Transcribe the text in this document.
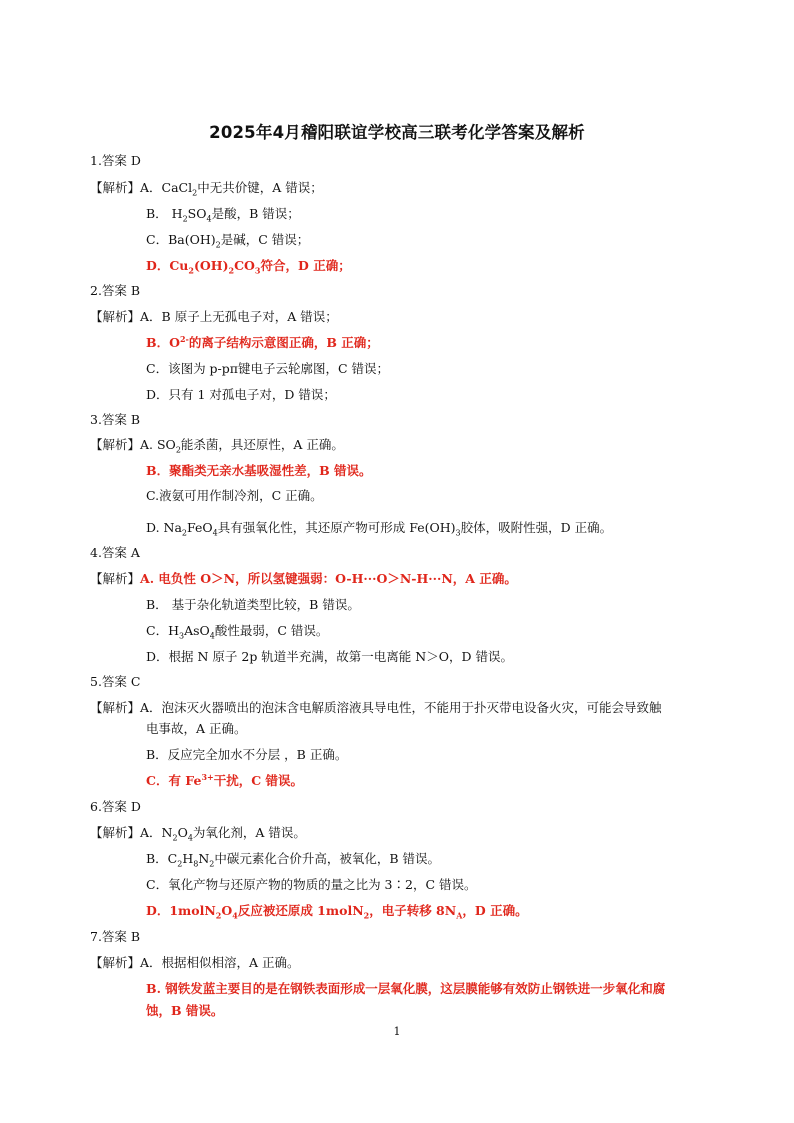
2025年4月稽阳联谊学校高三联考化学答案及解析
1.答案 D
【解析】A．CaCl$_2$中无共价键，A 错误；
B． $H_2SO_4$是酸，B 错误；
C．$Ba(OH)_2$是碱，C 错误；
D．$Cu_2(OH)_2CO_3$符合，D 正确；
2.答案 B
【解析】A．B 原子上无孤电子对，A 错误；
B．$O^{2-}$的离子结构示意图正确，B 正确；
C．该图为 p-pπ键电子云轮廓图，C 错误；
D．只有 1 对孤电子对，D 错误；
3.答案 B
【解析】A. $SO_2$能杀菌，具还原性，A 正确。
B．聚酯类无亲水基吸湿性差，B 错误。
C.液氨可用作制冷剂，C 正确。
D. $Na_2FeO_4$具有强氧化性，其还原产物可形成 $Fe(OH)_3$胶体，吸附性强，D 正确。
4.答案 A
【解析】A. 电负性 O＞N，所以氢键强弱：O-H···O＞N-H···N，A 正确。
B． 基于杂化轨道类型比较，B 错误。
C．$H_3AsO_4$酸性最弱，C 错误。
D．根据 N 原子 2p 轨道半充满，故第一电离能 N＞O，D 错误。
5.答案 C
【解析】A．泡沫灭火器喷出的泡沫含电解质溶液具导电性，不能用于扑灭带电设备火灾，可能会导致触
电事故，A 正确。
B．反应完全加水不分层 ，B 正确。
C．有 $Fe^{3+}$干扰，C 错误。
6.答案 D
【解析】A．$N_2O_4$为氧化剂，A 错误。
B．$C_2H_8N_2$中碳元素化合价升高，被氧化，B 错误。
C．氧化产物与还原产物的物质的量之比为 3∶2，C 错误。
D．$1molN_2O_4$反应被还原成 1molN$_2$，电子转移 $8N_A$，D 正确。
7.答案 B
【解析】A．根据相似相溶，A 正确。
B. 钢铁发蓝主要目的是在钢铁表面形成一层氧化膜，这层膜能够有效防止钢铁进一步氧化和腐
蚀，B 错误。
1
